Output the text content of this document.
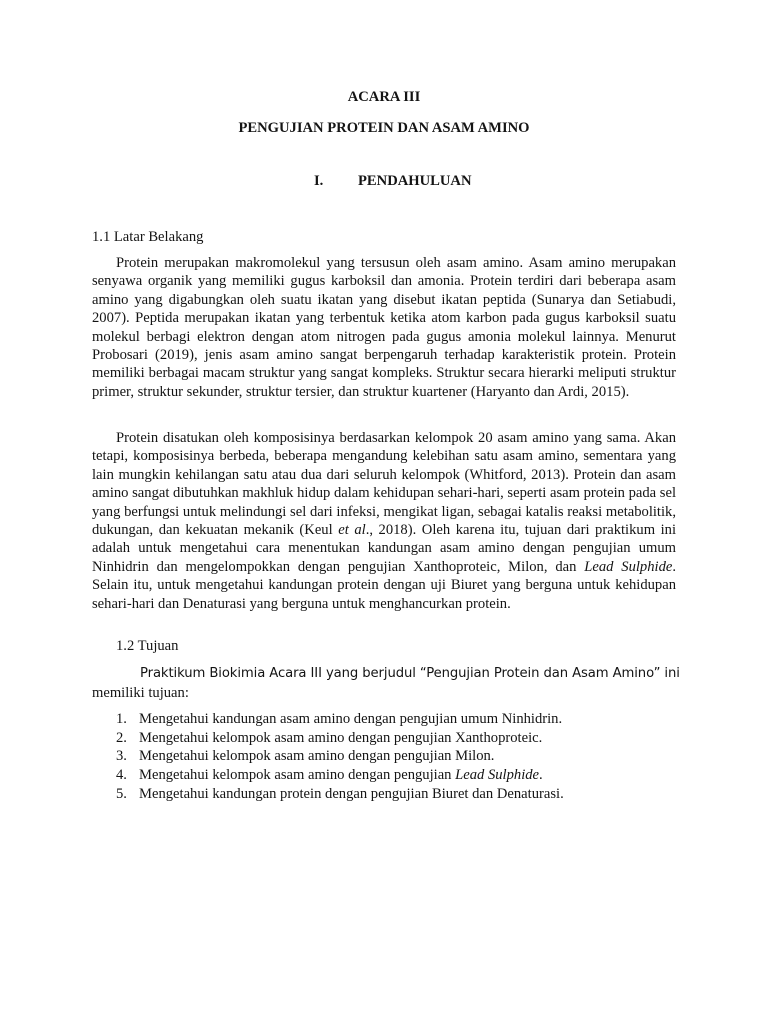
ACARA III
PENGUJIAN PROTEIN DAN ASAM AMINO
I. PENDAHULUAN
1.1 Latar Belakang

Protein merupakan makromolekul yang tersusun oleh asam amino. Asam amino merupakan senyawa organik yang memiliki gugus karboksil dan amonia. Protein terdiri dari beberapa asam amino yang digabungkan oleh suatu ikatan yang disebut ikatan peptida (Sunarya dan Setiabudi, 2007). Peptida merupakan ikatan yang terbentuk ketika atom karbon pada gugus karboksil suatu molekul berbagi elektron dengan atom nitrogen pada gugus amonia molekul lainnya. Menurut Probosari (2019), jenis asam amino sangat berpengaruh terhadap karakteristik protein. Protein memiliki berbagai macam struktur yang sangat kompleks. Struktur secara hierarki meliputi struktur primer, struktur sekunder, struktur tersier, dan struktur kuartener (Haryanto dan Ardi, 2015).

Protein disatukan oleh komposisinya berdasarkan kelompok 20 asam amino yang sama. Akan tetapi, komposisinya berbeda, beberapa mengandung kelebihan satu asam amino, sementara yang lain mungkin kehilangan satu atau dua dari seluruh kelompok (Whitford, 2013). Protein dan asam amino sangat dibutuhkan makhluk hidup dalam kehidupan sehari-hari, seperti asam protein pada sel yang berfungsi untuk melindungi sel dari infeksi, mengikat ligan, sebagai katalis reaksi metabolitik, dukungan, dan kekuatan mekanik (Keul et al., 2018). Oleh karena itu, tujuan dari praktikum ini adalah untuk mengetahui cara menentukan kandungan asam amino dengan pengujian umum Ninhidrin dan mengelompokkan dengan pengujian Xanthoproteic, Milon, dan Lead Sulphide. Selain itu, untuk mengetahui kandungan protein dengan uji Biuret yang berguna untuk kehidupan sehari-hari dan Denaturasi yang berguna untuk menghancurkan protein.

1.2 Tujuan
Praktikum Biokimia Acara III yang berjudul “Pengujian Protein dan Asam Amino” ini
memiliki tujuan:
1. Mengetahui kandungan asam amino dengan pengujian umum Ninhidrin.
2. Mengetahui kelompok asam amino dengan pengujian Xanthoproteic.
3. Mengetahui kelompok asam amino dengan pengujian Milon.
4. Mengetahui kelompok asam amino dengan pengujian Lead Sulphide.
5. Mengetahui kandungan protein dengan pengujian Biuret dan Denaturasi.
